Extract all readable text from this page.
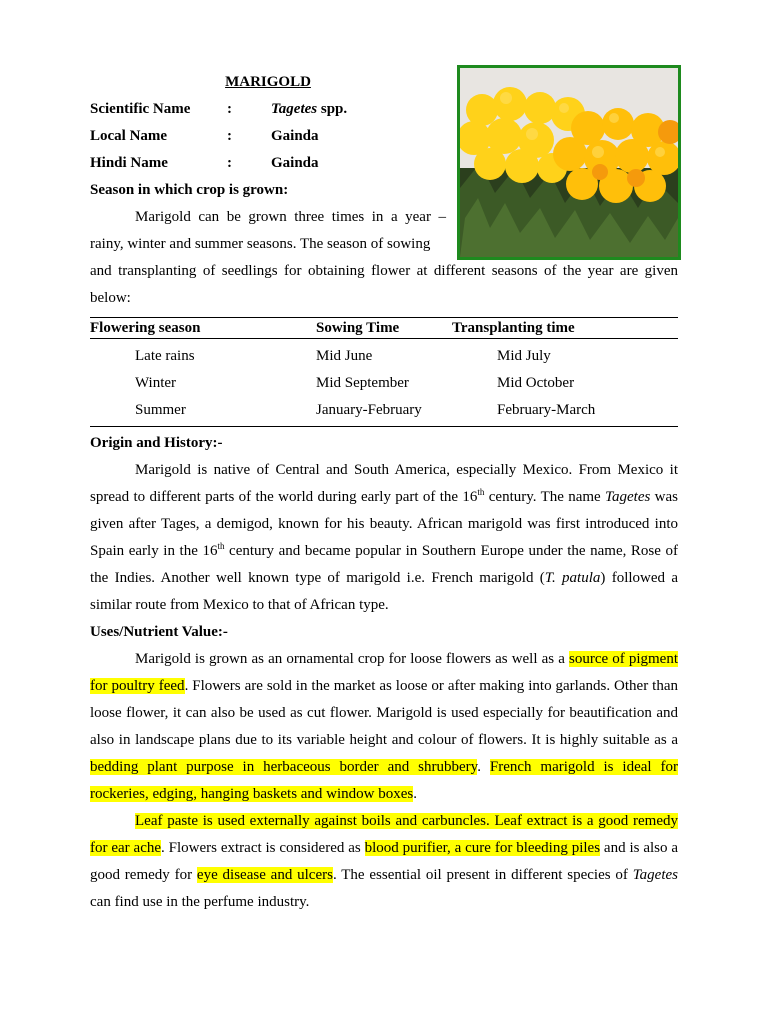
MARIGOLD
Scientific Name	:	Tagetes spp.
Local Name	:	Gainda
Hindi Name	:	Gainda
Season in which crop is grown:

Marigold can be grown three times in a year – rainy, winter and summer seasons. The season of sowing

and transplanting of seedlings for obtaining flower at different seasons of the year are given below:

Flowering season	Sowing Time	Transplanting time
Late rains	Mid June	Mid July
Winter	Mid September	Mid October
Summer	January-February	February-March
Origin and History:-

Marigold is native of Central and South America, especially Mexico. From Mexico it spread to different parts of the world during early part of the 16th century. The name Tagetes was given after Tages, a demigod, known for his beauty. African marigold was first introduced into Spain early in the 16th century and became popular in Southern Europe under the name, Rose of the Indies. Another well known type of marigold i.e. French marigold (T. patula) followed a similar route from Mexico to that of African type.

Uses/Nutrient Value:-

Marigold is grown as an ornamental crop for loose flowers as well as a source of pigment for poultry feed. Flowers are sold in the market as loose or after making into garlands. Other than loose flower, it can also be used as cut flower. Marigold is used especially for beautification and also in landscape plans due to its variable height and colour of flowers. It is highly suitable as a bedding plant purpose in herbaceous border and shrubbery. French marigold is ideal for rockeries, edging, hanging baskets and window boxes.

Leaf paste is used externally against boils and carbuncles. Leaf extract is a good remedy for ear ache. Flowers extract is considered as blood purifier, a cure for bleeding piles and is also a good remedy for eye disease and ulcers. The essential oil present in different species of Tagetes can find use in the perfume industry.
